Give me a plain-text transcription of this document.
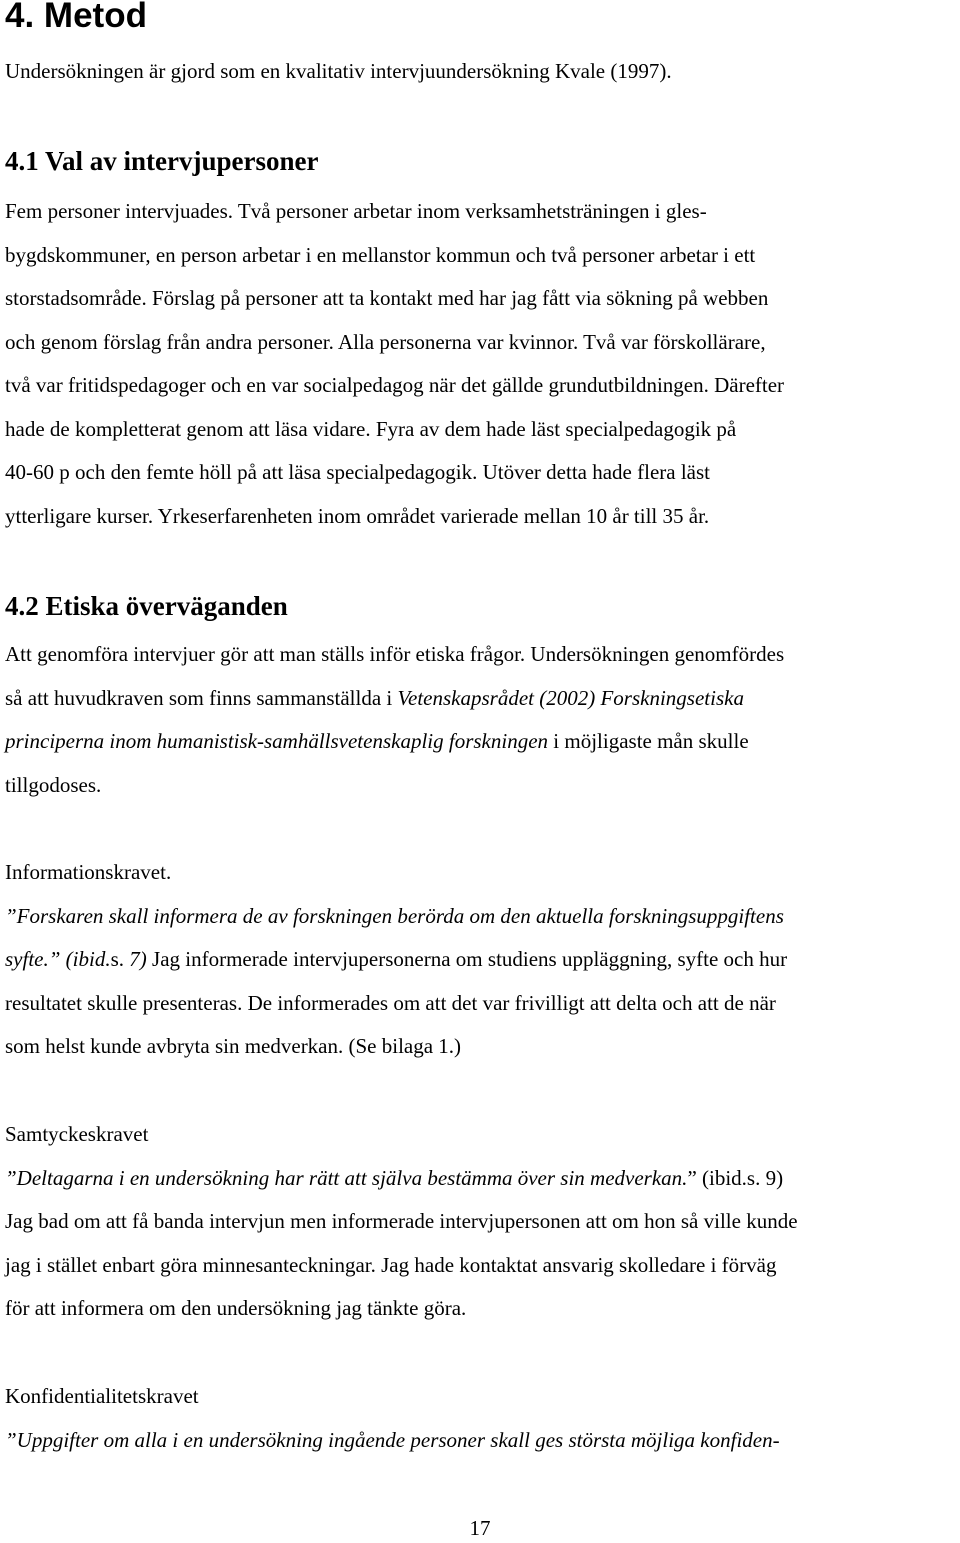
4. Metod

Undersökningen är gjord som en kvalitativ intervjuundersökning Kvale (1997).

4.1 Val av intervjupersoner

Fem personer intervjuades. Två personer arbetar inom verksamhetsträningen i gles-
bygdskommuner, en person arbetar i en mellanstor kommun och två personer arbetar i ett
storstadsområde. Förslag på personer att ta kontakt med har jag fått via sökning på webben
och genom förslag från andra personer. Alla personerna var kvinnor. Två var förskollärare,
två var fritidspedagoger och en var socialpedagog när det gällde grundutbildningen. Därefter
hade de kompletterat genom att läsa vidare. Fyra av dem hade läst specialpedagogik på
40-60 p och den femte höll på att läsa specialpedagogik. Utöver detta hade flera läst
ytterligare kurser. Yrkeserfarenheten inom området varierade mellan 10 år till 35 år.

4.2 Etiska överväganden

Att genomföra intervjuer gör att man ställs inför etiska frågor. Undersökningen genomfördes
så att huvudkraven som finns sammanställda i Vetenskapsrådet (2002) Forskningsetiska
principerna inom humanistisk-samhällsvetenskaplig forskningen i möjligaste mån skulle
tillgodoses.

Informationskravet.
”Forskaren skall informera de av forskningen berörda om den aktuella forskningsuppgiftens
syfte.” (ibid.s. 7) Jag informerade intervjupersonerna om studiens uppläggning, syfte och hur
resultatet skulle presenteras. De informerades om att det var frivilligt att delta och att de när
som helst kunde avbryta sin medverkan. (Se bilaga 1.)

Samtyckeskravet
”Deltagarna i en undersökning har rätt att själva bestämma över sin medverkan.” (ibid.s. 9)
Jag bad om att få banda intervjun men informerade intervjupersonen att om hon så ville kunde
jag i stället enbart göra minnesanteckningar. Jag hade kontaktat ansvarig skolledare i förväg
för att informera om den undersökning jag tänkte göra.

Konfidentialitetskravet
”Uppgifter om alla i en undersökning ingående personer skall ges största möjliga konfiden-

17
